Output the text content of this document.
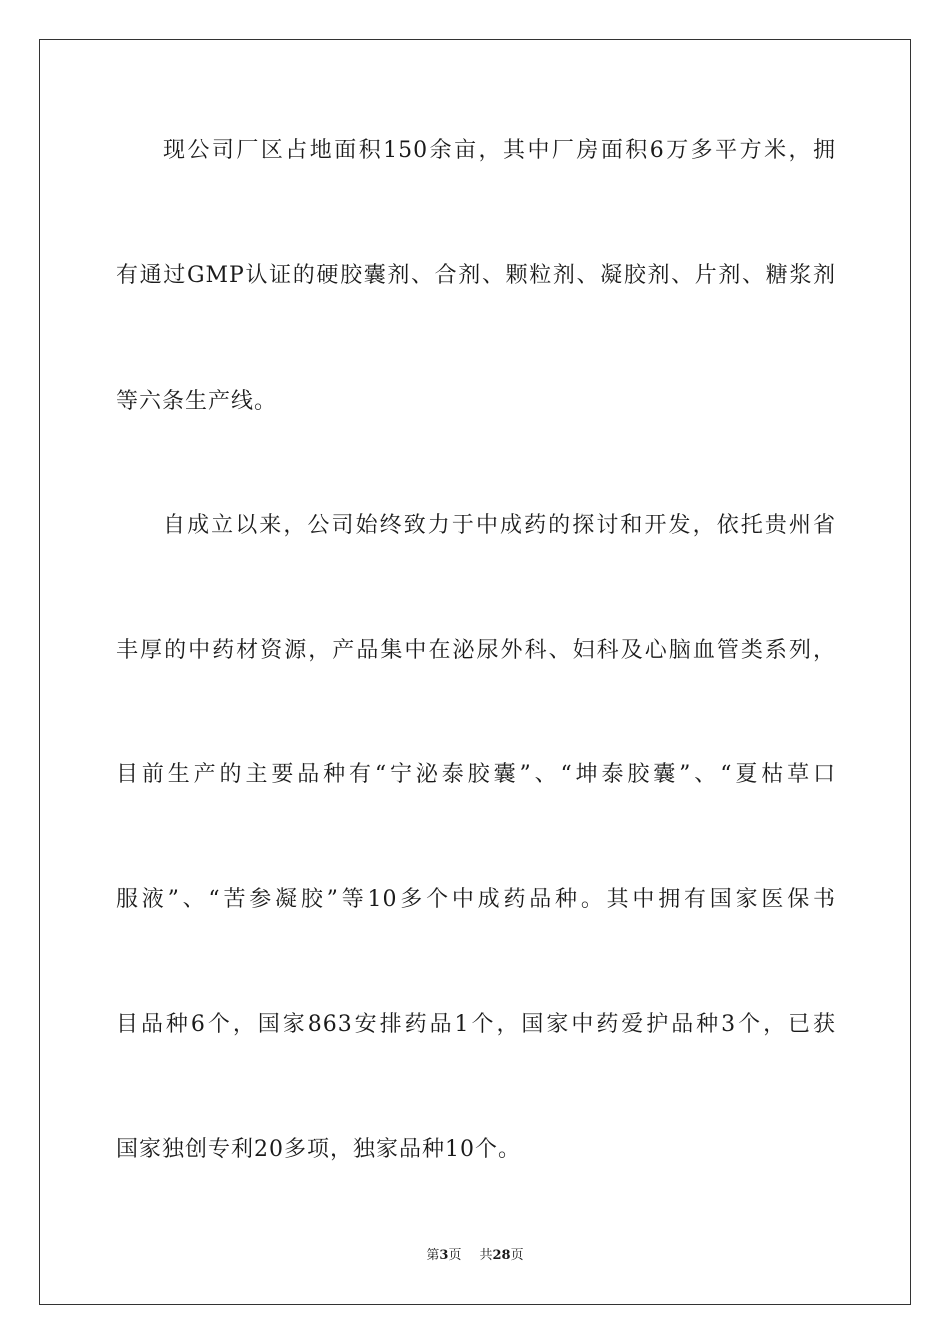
现公司厂区占地面积150余亩，其中厂房面积6万多平方米，拥
有通过GMP认证的硬胶囊剂、合剂、颗粒剂、凝胶剂、片剂、糖浆剂
等六条生产线。
自成立以来，公司始终致力于中成药的探讨和开发，依托贵州省
丰厚的中药材资源，产品集中在泌尿外科、妇科及心脑血管类系列，
目前生产的主要品种有“宁泌泰胶囊”、“坤泰胶囊”、“夏枯草口
服液”、“苦参凝胶”等10多个中成药品种。其中拥有国家医保书
目品种6个，国家863安排药品1个，国家中药爱护品种3个，已获
国家独创专利20多项，独家品种10个。
第3页 共28页
